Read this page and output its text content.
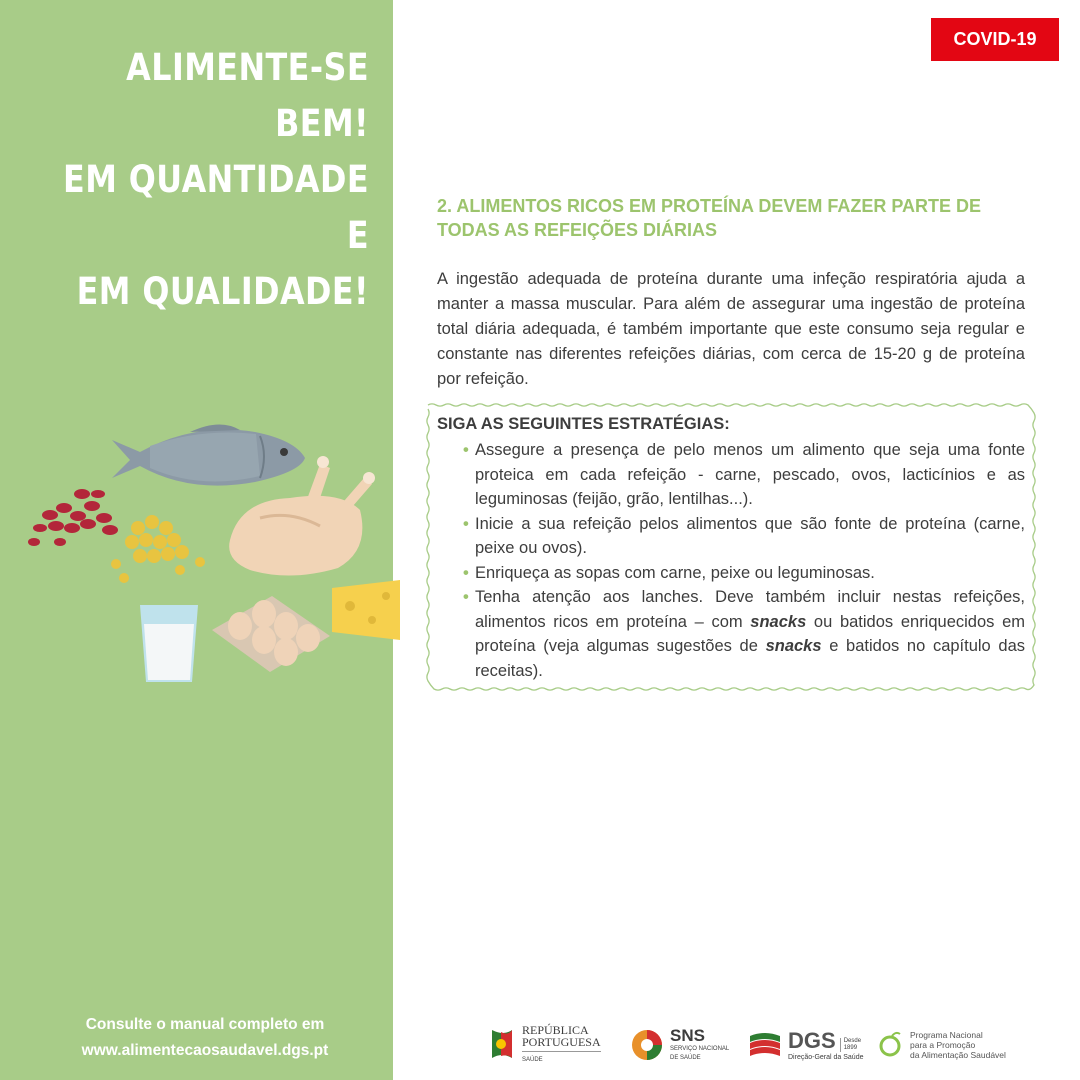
ALIMENTE-SE BEM!
EM QUANTIDADE E
EM QUALIDADE!
Consulte o manual completo em
www.alimentecaosaudavel.dgs.pt
COVID-19
2. ALIMENTOS RICOS EM PROTEÍNA DEVEM FAZER PARTE DE
TODAS AS REFEIÇÕES DIÁRIAS

A ingestão adequada de proteína durante uma infeção respiratória ajuda a manter a massa muscular. Para além de assegurar uma ingestão de proteína total diária adequada, é também importante que este consumo seja regular e constante nas diferentes refeições diárias, com cerca de 15-20 g de proteína por refeição.

SIGA AS SEGUINTES ESTRATÉGIAS:
• Assegure a presença de pelo menos um alimento que seja uma fonte proteica em cada refeição - carne, pescado, ovos, lacticínios e as leguminosas (feijão, grão, lentilhas...).
• Inicie a sua refeição pelos alimentos que são fonte de proteína (carne, peixe ou ovos).
• Enriqueça as sopas com carne, peixe ou leguminosas.
• Tenha atenção aos lanches. Deve também incluir nestas refeições, alimentos ricos em proteína – com snacks ou batidos enriquecidos em proteína (veja algumas sugestões de snacks e batidos no capítulo das receitas).
REPÚBLICA
PORTUGUESA
SAÚDE
SNS
SERVIÇO NACIONAL
DE SAÚDE
DGS Desde
1899
Direção-Geral da Saúde
Programa Nacional
para a Promoção
da Alimentação Saudável
